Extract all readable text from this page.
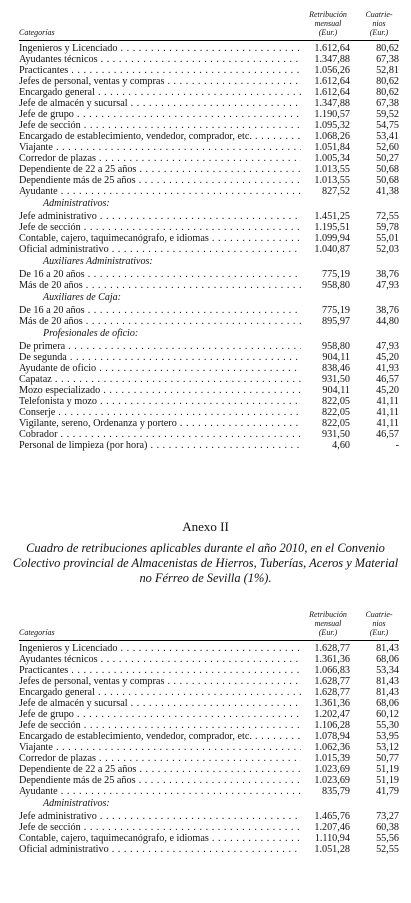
Categorías
Retribución
mensual
(Eur.)
Cuatrie-
nios
(Eur.)
Ingenieros y Licenciado . . .	1.612,64	80,62
Ayudantes técnicos . . .	1.347,88	67,38
Practicantes . . .	1.056,26	52,81
Jefes de personal, ventas y compras . . .	1.612,64	80,62
Encargado general . . .	1.612,64	80,62
Jefe de almacén y sucursal . . .	1.347,88	67,38
Jefe de grupo . . .	1.190,57	59,52
Jefe de sección . . .	1.095,32	54,75
Encargado de establecimiento, vendedor, comprador, etc. . . .	1.068,26	53,41
Viajante . . .	1.051,84	52,60
Corredor de plazas . . .	1.005,34	50,27
Dependiente de 22 a 25 años . . .	1.013,55	50,68
Dependiente más de 25 años . . .	1.013,55	50,68
Ayudante . . .	827,52	41,38
Administrativos:
Jefe administrativo . . .	1.451,25	72,55
Jefe de sección . . .	1.195,51	59,78
Contable, cajero, taquimecanógrafo, e idiomas . . .	1.099,94	55,01
Oficial administrativo . . .	1.040,87	52,03
Auxiliares Administrativos:
De 16 a 20 años . . .	775,19	38,76
Más de 20 años . . .	958,80	47,93
Auxiliares de Caja:
De 16 a 20 años . . .	775,19	38,76
Más de 20 años . . .	895,97	44,80
Profesionales de oficio:
De primera . . .	958,80	47,93
De segunda . . .	904,11	45,20
Ayudante de oficio . . .	838,46	41,93
Capataz . . .	931,50	46,57
Mozo especializado . . .	904,11	45,20
Telefonista y mozo . . .	822,05	41,11
Conserje . . .	822,05	41,11
Vigilante, sereno, Ordenanza y portero . . .	822,05	41,11
Cobrador . . .	931,50	46,57
Personal de limpieza (por hora) . . .	4,60	-
Anexo II
Cuadro de retribuciones aplicables durante el año 2010, en el Convenio Colectivo provincial de Almacenistas de Hierros, Tuberías, Aceros y Material no Férreo de Sevilla (1%).
Categorías
Retribución
mensual
(Eur.)
Cuatrie-
nios
(Eur.)
Ingenieros y Licenciado . . .	1.628,77	81,43
Ayudantes técnicos . . .	1.361,36	68,06
Practicantes . . .	1.066,83	53,34
Jefes de personal, ventas y compras . . .	1.628,77	81,43
Encargado general . . .	1.628,77	81,43
Jefe de almacén y sucursal . . .	1.361,36	68,06
Jefe de grupo . . .	1.202,47	60,12
Jefe de sección . . .	1.106,28	55,30
Encargado de establecimiento, vendedor, comprador, etc. . . .	1.078,94	53,95
Viajante . . .	1.062,36	53,12
Corredor de plazas . . .	1.015,39	50,77
Dependiente de 22 a 25 años . . .	1.023,69	51,19
Dependiente más de 25 años . . .	1.023,69	51,19
Ayudante . . .	835,79	41,79
Administrativos:
Jefe administrativo . . .	1.465,76	73,27
Jefe de sección . . .	1.207,46	60,38
Contable, cajero, taquimecanógrafo, e idiomas . . .	1.110,94	55,56
Oficial administrativo . . .	1.051,28	52,55
